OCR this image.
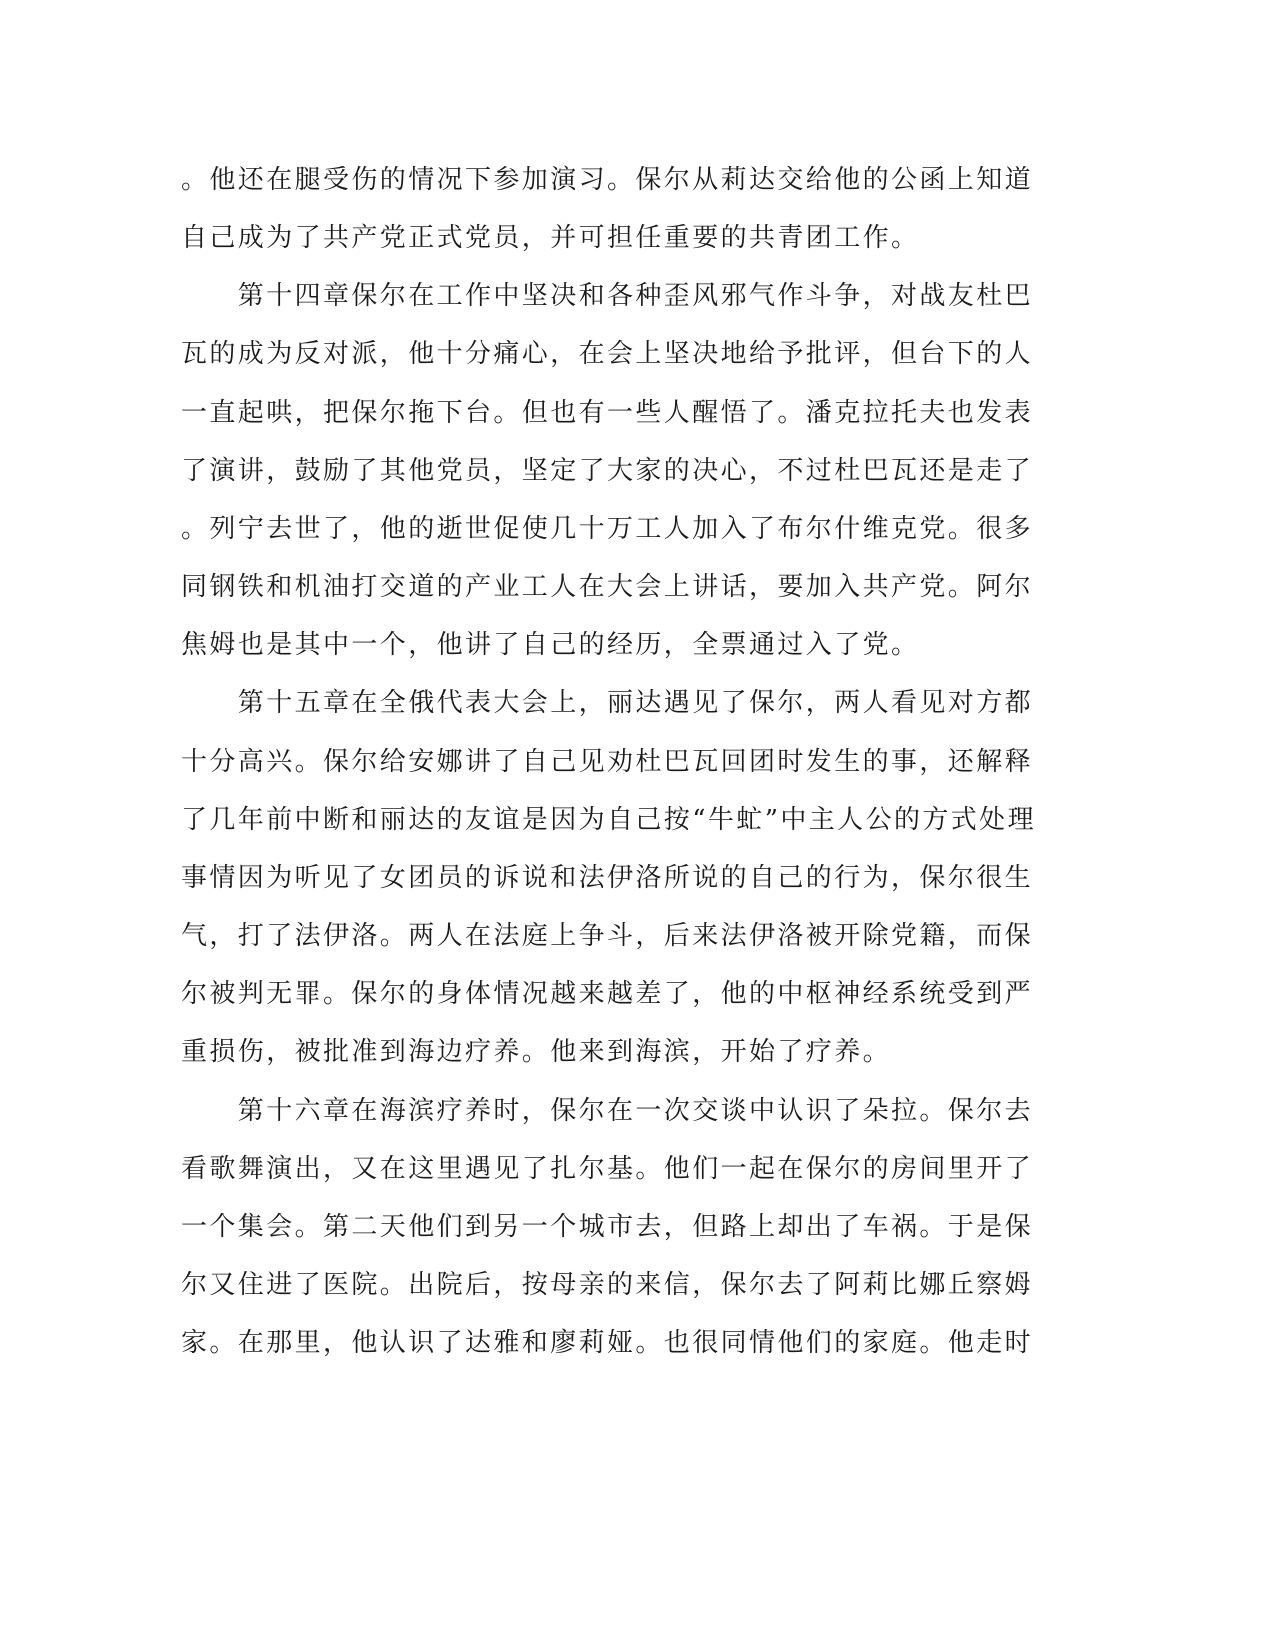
。他还在腿受伤的情况下参加演习。保尔从莉达交给他的公函上知道
自己成为了共产党正式党员，并可担任重要的共青团工作。
　　第十四章保尔在工作中坚决和各种歪风邪气作斗争，对战友杜巴
瓦的成为反对派，他十分痛心，在会上坚决地给予批评，但台下的人
一直起哄，把保尔拖下台。但也有一些人醒悟了。潘克拉托夫也发表
了演讲，鼓励了其他党员，坚定了大家的决心，不过杜巴瓦还是走了
。列宁去世了，他的逝世促使几十万工人加入了布尔什维克党。很多
同钢铁和机油打交道的产业工人在大会上讲话，要加入共产党。阿尔
焦姆也是其中一个，他讲了自己的经历，全票通过入了党。
　　第十五章在全俄代表大会上，丽达遇见了保尔，两人看见对方都
十分高兴。保尔给安娜讲了自己见劝杜巴瓦回团时发生的事，还解释
了几年前中断和丽达的友谊是因为自己按“牛虻”中主人公的方式处理
事情因为听见了女团员的诉说和法伊洛所说的自己的行为，保尔很生
气，打了法伊洛。两人在法庭上争斗，后来法伊洛被开除党籍，而保
尔被判无罪。保尔的身体情况越来越差了，他的中枢神经系统受到严
重损伤，被批准到海边疗养。他来到海滨，开始了疗养。
　　第十六章在海滨疗养时，保尔在一次交谈中认识了朵拉。保尔去
看歌舞演出，又在这里遇见了扎尔基。他们一起在保尔的房间里开了
一个集会。第二天他们到另一个城市去，但路上却出了车祸。于是保
尔又住进了医院。出院后，按母亲的来信，保尔去了阿莉比娜丘察姆
家。在那里，他认识了达雅和廖莉娅。也很同情他们的家庭。他走时
